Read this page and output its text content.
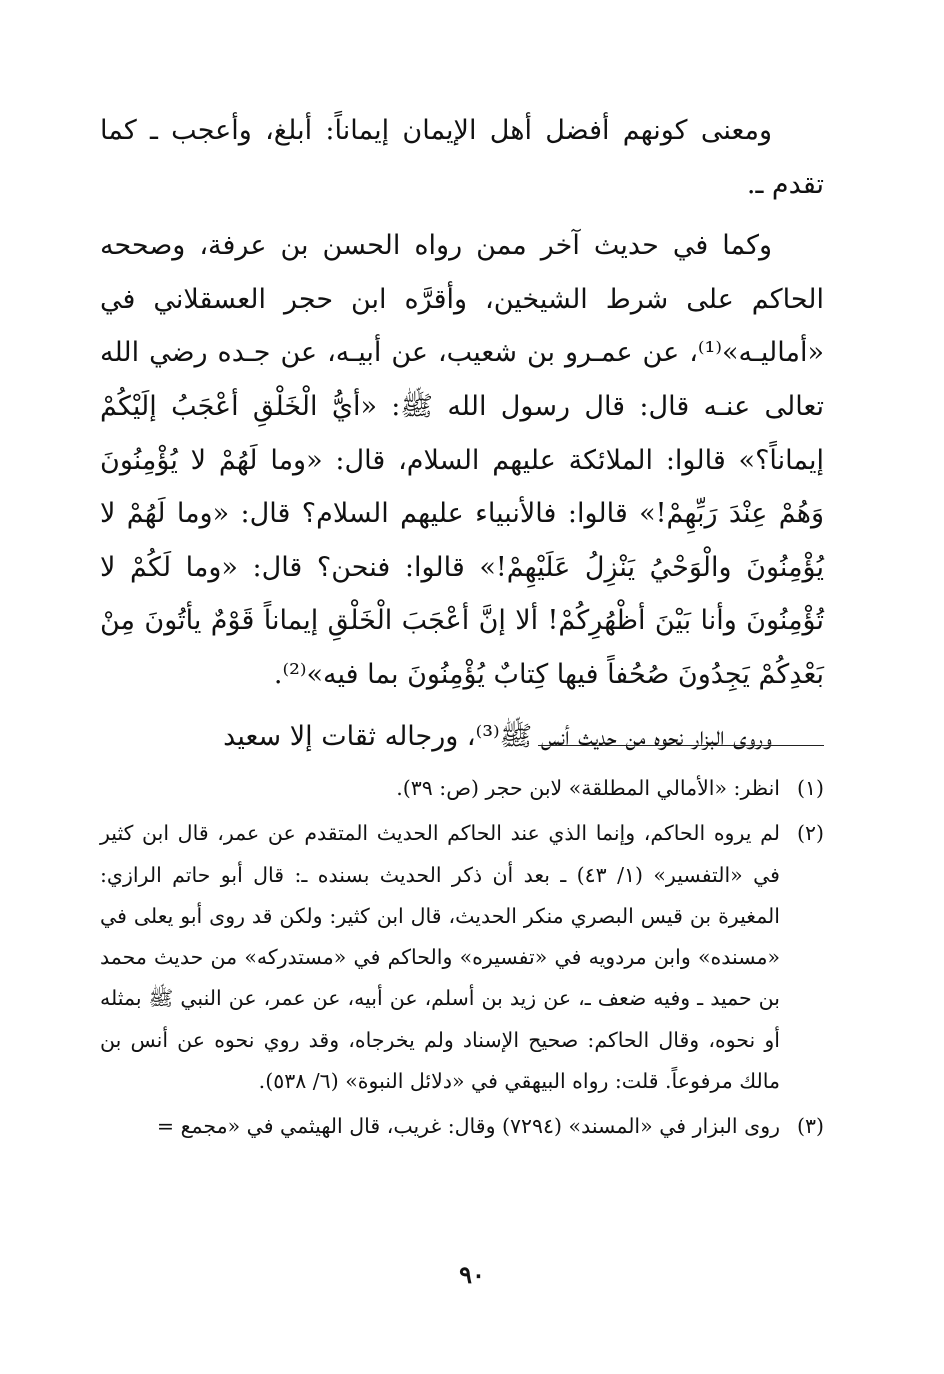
ومعنى كونهم أفضل أهل الإيمان إيماناً: أبلغ، وأعجب ـ كما تقدم ـ.

وكما في حديث آخر ممن رواه الحسن بن عرفة، وصححه الحاكم على شرط الشيخين، وأقرَّه ابن حجر العسقلاني في «أماليـه»⁽¹⁾، عن عمـرو بن شعيب، عن أبيـه، عن جـده رضي الله تعالى عنـه قال: قال رسول الله ﷺ: «أيُّ الْخَلْقِ أعْجَبُ إلَيْكُمْ إيماناً؟» قالوا: الملائكة عليهم السلام، قال: «وما لَهُمْ لا يُؤْمِنُونَ وَهُمْ عِنْدَ رَبِّهِمْ!» قالوا: فالأنبياء عليهم السلام؟ قال: «وما لَهُمْ لا يُؤْمِنُونَ والْوَحْيُ يَنْزِلُ عَلَيْهِمْ!» قالوا: فنحن؟ قال: «وما لَكُمْ لا تُؤْمِنُونَ وأنا بَيْنَ أظْهُرِكُمْ! ألا إنَّ أعْجَبَ الْخَلْقِ إيماناً قَوْمٌ يأتُونَ مِنْ بَعْدِكُمْ يَجِدُونَ صُحُفاً فيها كِتابٌ يُؤْمِنُونَ بما فيه»⁽²⁾.

وروى البزار نحوه من حديث أنس ﷺ⁽³⁾، ورجاله ثقات إلا سعيد

(١)
انظر: «الأمالي المطلقة» لابن حجر (ص: ٣٩).
(٢)
لم يروه الحاكم، وإنما الذي عند الحاكم الحديث المتقدم عن عمر، قال ابن كثير في «التفسير» (١/ ٤٣) ـ بعد أن ذكر الحديث بسنده ـ: قال أبو حاتم الرازي: المغيرة بن قيس البصري منكر الحديث، قال ابن كثير: ولكن قد روى أبو يعلى في «مسنده» وابن مردويه في «تفسيره» والحاكم في «مستدركه» من حديث محمد بن حميد ـ وفيه ضعف ـ، عن زيد بن أسلم، عن أبيه، عن عمر، عن النبي ﷺ بمثله أو نحوه، وقال الحاكم: صحيح الإسناد ولم يخرجاه، وقد روي نحوه عن أنس بن مالك مرفوعاً. قلت: رواه البيهقي في «دلائل النبوة» (٦/ ٥٣٨).
(٣)
روى البزار في «المسند» (٧٢٩٤) وقال: غريب، قال الهيثمي في «مجمع =
٩٠
